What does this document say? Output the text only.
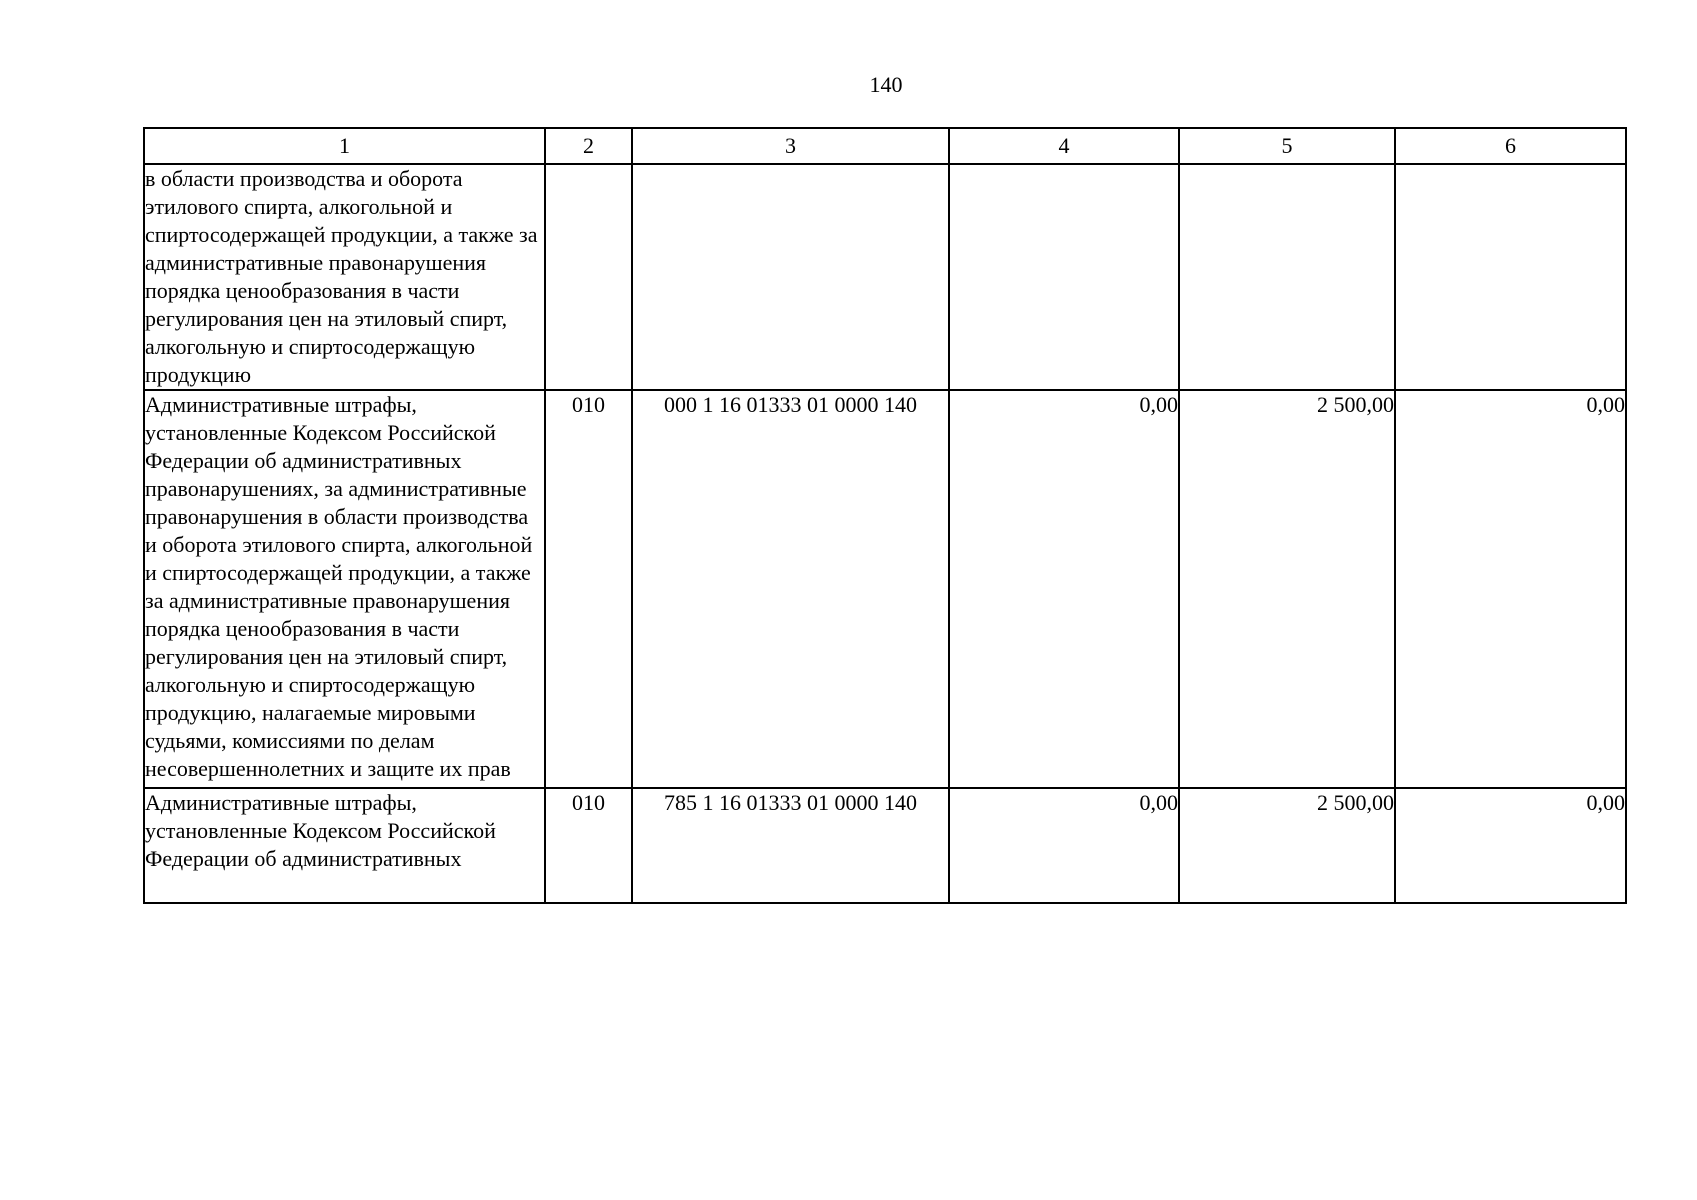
140
1	2	3	4	5	6
в области производства и оборота этилового спирта, алкогольной и спиртосодержащей продукции, а также за административные правонарушения порядка ценообразования в части регулирования цен на этиловый спирт, алкогольную и спиртосодержащую продукцию					
Административные штрафы, установленные Кодексом Российской Федерации об административных правонарушениях, за административные правонарушения в области производства и оборота этилового спирта, алкогольной и спиртосодержащей продукции, а также за административные правонарушения порядка ценообразования в части регулирования цен на этиловый спирт, алкогольную и спиртосодержащую продукцию, налагаемые мировыми судьями, комиссиями по делам несовершеннолетних и защите их прав	010	000 1 16 01333 01 0000 140	0,00	2 500,00	0,00
Административные штрафы, установленные Кодексом Российской Федерации об административных	010	785 1 16 01333 01 0000 140	0,00	2 500,00	0,00
